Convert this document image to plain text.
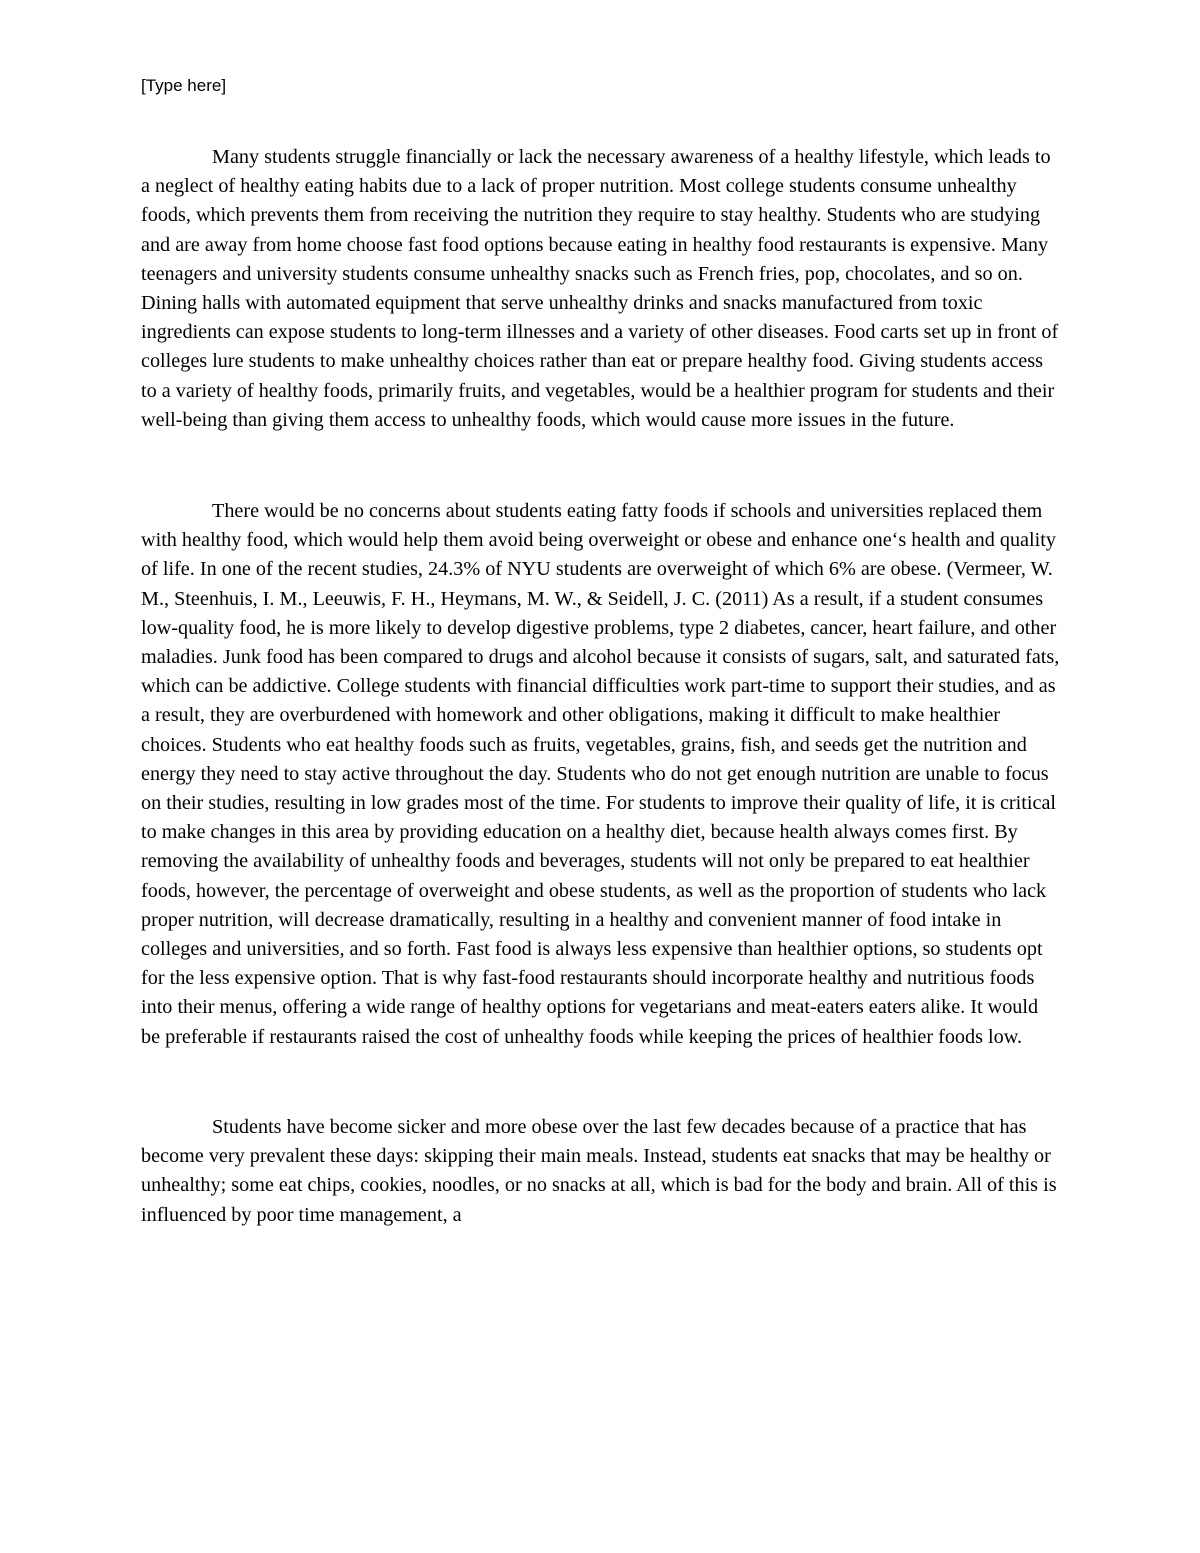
[Type here]

Many students struggle financially or lack the necessary awareness of a healthy lifestyle, which leads to a neglect of healthy eating habits due to a lack of proper nutrition. Most college students consume unhealthy foods, which prevents them from receiving the nutrition they require to stay healthy. Students who are studying and are away from home choose fast food options because eating in healthy food restaurants is expensive. Many teenagers and university students consume unhealthy snacks such as French fries, pop, chocolates, and so on. Dining halls with automated equipment that serve unhealthy drinks and snacks manufactured from toxic ingredients can expose students to long-term illnesses and a variety of other diseases. Food carts set up in front of colleges lure students to make unhealthy choices rather than eat or prepare healthy food. Giving students access to a variety of healthy foods, primarily fruits, and vegetables, would be a healthier program for students and their well-being than giving them access to unhealthy foods, which would cause more issues in the future.

There would be no concerns about students eating fatty foods if schools and universities replaced them with healthy food, which would help them avoid being overweight or obese and enhance one‘s health and quality of life. In one of the recent studies, 24.3% of NYU students are overweight of which 6% are obese. (Vermeer, W. M., Steenhuis, I. M., Leeuwis, F. H., Heymans, M. W., & Seidell, J. C. (2011) As a result, if a student consumes low-quality food, he is more likely to develop digestive problems, type 2 diabetes, cancer, heart failure, and other maladies. Junk food has been compared to drugs and alcohol because it consists of sugars, salt, and saturated fats, which can be addictive. College students with financial difficulties work part-time to support their studies, and as a result, they are overburdened with homework and other obligations, making it difficult to make healthier choices. Students who eat healthy foods such as fruits, vegetables, grains, fish, and seeds get the nutrition and energy they need to stay active throughout the day. Students who do not get enough nutrition are unable to focus on their studies, resulting in low grades most of the time. For students to improve their quality of life, it is critical to make changes in this area by providing education on a healthy diet, because health always comes first. By removing the availability of unhealthy foods and beverages, students will not only be prepared to eat healthier foods, however, the percentage of overweight and obese students, as well as the proportion of students who lack proper nutrition, will decrease dramatically, resulting in a healthy and convenient manner of food intake in colleges and universities, and so forth. Fast food is always less expensive than healthier options, so students opt for the less expensive option. That is why fast-food restaurants should incorporate healthy and nutritious foods into their menus, offering a wide range of healthy options for vegetarians and meat-eaters eaters alike. It would be preferable if restaurants raised the cost of unhealthy foods while keeping the prices of healthier foods low.

Students have become sicker and more obese over the last few decades because of a practice that has become very prevalent these days: skipping their main meals. Instead, students eat snacks that may be healthy or unhealthy; some eat chips, cookies, noodles, or no snacks at all, which is bad for the body and brain. All of this is influenced by poor time management, a
